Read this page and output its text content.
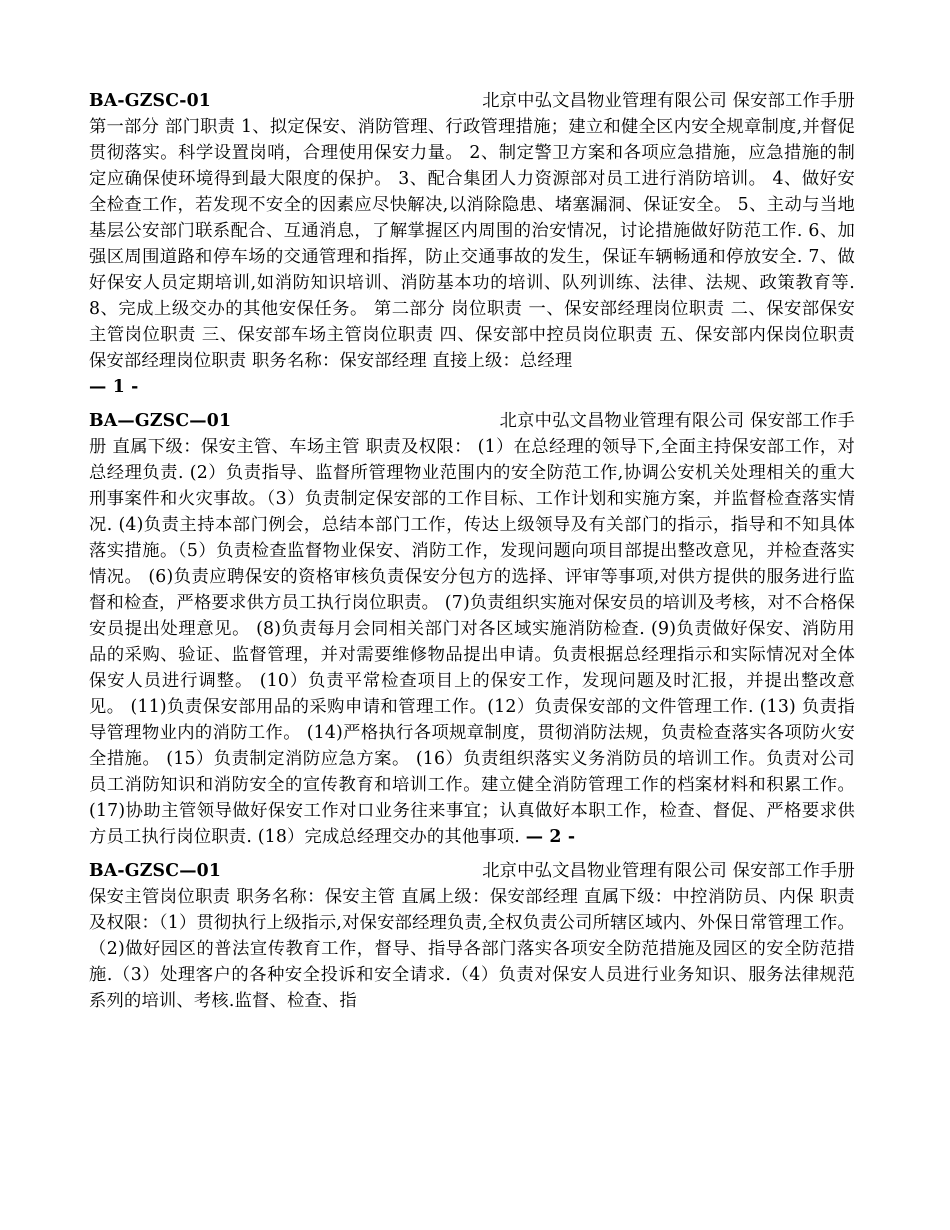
BA-GZSC-01	北京中弘文昌物业管理有限公司 保安部工作手册
第一部分 部门职责 1、拟定保安、消防管理、行政管理措施；建立和健全区内安全规章制度,并督促贯彻落实。科学设置岗哨，合理使用保安力量。 2、制定警卫方案和各项应急措施，应急措施的制定应确保使环境得到最大限度的保护。 3、配合集团人力资源部对员工进行消防培训。 4、做好安全检查工作，若发现不安全的因素应尽快解决,以消除隐患、堵塞漏洞、保证安全。 5、主动与当地基层公安部门联系配合、互通消息，了解掌握区内周围的治安情况，讨论措施做好防范工作. 6、加强区周围道路和停车场的交通管理和指挥，防止交通事故的发生，保证车辆畅通和停放安全. 7、做好保安人员定期培训,如消防知识培训、消防基本功的培训、队列训练、法律、法规、政策教育等. 8、完成上级交办的其他安保任务。 第二部分 岗位职责 一、保安部经理岗位职责 二、保安部保安主管岗位职责 三、保安部车场主管岗位职责 四、保安部中控员岗位职责 五、保安部内保岗位职责 保安部经理岗位职责 职务名称：保安部经理 直接上级：总经理
— 1 -
BA—GZSC—01	北京中弘文昌物业管理有限公司 保安部工作手
册 直属下级：保安主管、车场主管 职责及权限： (1）在总经理的领导下,全面主持保安部工作，对总经理负责. (2）负责指导、监督所管理物业范围内的安全防范工作,协调公安机关处理相关的重大刑事案件和火灾事故。（3）负责制定保安部的工作目标、工作计划和实施方案，并监督检查落实情况. (4)负责主持本部门例会，总结本部门工作，传达上级领导及有关部门的指示，指导和不知具体落实措施。（5）负责检查监督物业保安、消防工作，发现问题向项目部提出整改意见，并检查落实情况。 (6)负责应聘保安的资格审核负责保安分包方的选择、评审等事项,对供方提供的服务进行监督和检查，严格要求供方员工执行岗位职责。 (7)负责组织实施对保安员的培训及考核，对不合格保安员提出处理意见。 (8)负责每月会同相关部门对各区域实施消防检查. (9)负责做好保安、消防用品的采购、验证、监督管理，并对需要维修物品提出申请。负责根据总经理指示和实际情况对全体保安人员进行调整。 (10）负责平常检查项目上的保安工作，发现问题及时汇报，并提出整改意见。 (11)负责保安部用品的采购申请和管理工作。(12）负责保安部的文件管理工作. (13) 负责指导管理物业内的消防工作。 (14)严格执行各项规章制度，贯彻消防法规，负责检查落实各项防火安全措施。 (15）负责制定消防应急方案。 (16）负责组织落实义务消防员的培训工作。负责对公司员工消防知识和消防安全的宣传教育和培训工作。建立健全消防管理工作的档案材料和积累工作。(17)协助主管领导做好保安工作对口业务往来事宜；认真做好本职工作，检查、督促、严格要求供方员工执行岗位职责. (18）完成总经理交办的其他事项. — 2 -
BA-GZSC—01	北京中弘文昌物业管理有限公司 保安部工作手册
保安主管岗位职责 职务名称：保安主管 直属上级：保安部经理 直属下级：中控消防员、内保 职责及权限：（1）贯彻执行上级指示,对保安部经理负责,全权负责公司所辖区域内、外保日常管理工作。（2)做好园区的普法宣传教育工作，督导、指导各部门落实各项安全防范措施及园区的安全防范措施.（3）处理客户的各种安全投诉和安全请求.（4）负责对保安人员进行业务知识、服务法律规范系列的培训、考核.监督、检查、指
